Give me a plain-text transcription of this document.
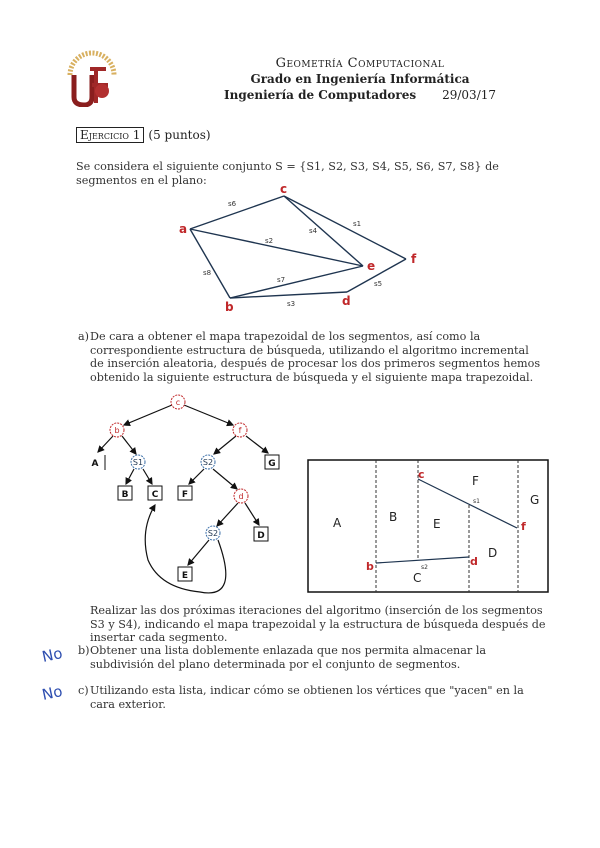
Geometría Computacional
Grado en Ingeniería Informática
Ingeniería de Computadores 29/03/17
Ejercicio 1 (5 puntos)
Se considera el siguiente conjunto S = {S1, S2, S3, S4, S5, S6, S7, S8} de segmentos en el plano:
a
b
c
d
e	f
s6
s1
s4
s2
s8
s7
s3
s5
c
b	f
S1	S2
d
S2
A
B	C	F
G
D
E
A	B
C
D
E
F
G
b
c
d
f
s1
s2
a) De cara a obtener el mapa trapezoidal de los segmentos, así como la correspondiente estructura de búsqueda, utilizando el algoritmo incremental de inserción aleatoria, después de procesar los dos primeros segmentos hemos obtenido la siguiente estructura de búsqueda y el siguiente mapa trapezoidal.
Realizar las dos próximas iteraciones del algoritmo (inserción de los segmentos S3 y S4), indicando el mapa trapezoidal y la estructura de búsqueda después de insertar cada segmento.
No b) Obtener una lista doblemente enlazada que nos permita almacenar la subdivisión del plano determinada por el conjunto de segmentos.
No c) Utilizando esta lista, indicar cómo se obtienen los vértices que "yacen" en la cara exterior.
